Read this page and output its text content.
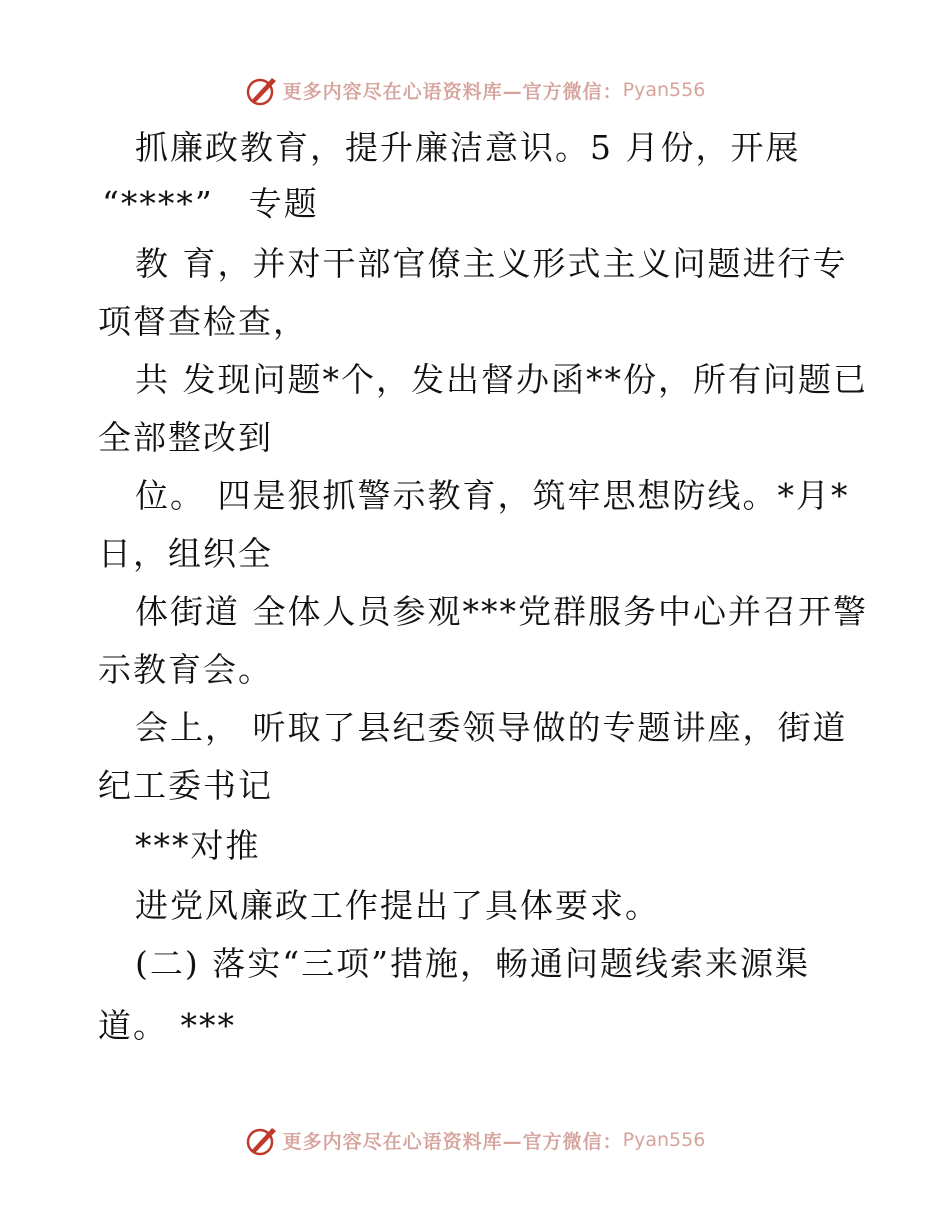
更多内容尽在心语资料库—官方微信： Pyan556
抓廉政教育，提升廉洁意识。5 月份，开展
“****”　专题
教 育，并对干部官僚主义形式主义问题进行专
项督查检查，
共 发现问题*个，发出督办函**份，所有问题已
全部整改到
位。 四是狠抓警示教育，筑牢思想防线。*月*
日，组织全
体街道 全体人员参观***党群服务中心并召开警
示教育会。
会上， 听取了县纪委领导做的专题讲座，街道
纪工委书记
***对推
进党风廉政工作提出了具体要求。
(二) 落实“三项”措施，畅通问题线索来源渠
道。 ***
更多内容尽在心语资料库—官方微信： Pyan556
